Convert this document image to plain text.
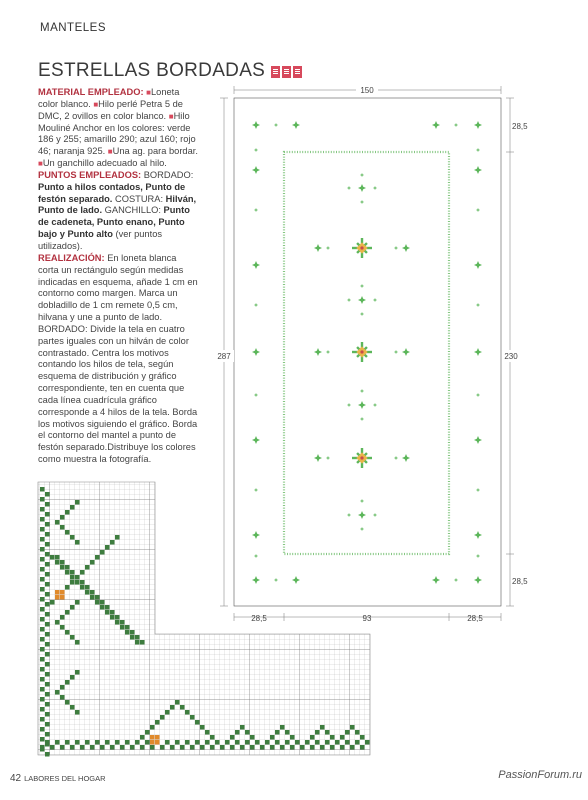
MANTELES
ESTRELLAS BORDADAS
MATERIAL EMPLEADO: ■Loneta color blanco. ■Hilo perlé Petra 5 de DMC, 2 ovillos en color blanco. ■Hilo Mouliné Anchor en los colores: verde 186 y 255; amarillo 290; azul 160; rojo 46; naranja 925. ■Una ag. para bordar. ■Un ganchillo adecuado al hilo.
PUNTOS EMPLEADOS: BORDADO: Punto a hilos contados, Punto de festón separado. COSTURA: Hilván, Punto de lado. GANCHILLO: Punto de cadeneta, Punto enano, Punto bajo y Punto alto (ver puntos utilizados).
REALIZACIÓN: En loneta blanca corta un rectángulo según medidas indicadas en esquema, añade 1 cm en contorno como margen. Marca un dobladillo de 1 cm remete 0,5 cm, hilvana y une a punto de lado. BORDADO: Divide la tela en cuatro partes iguales con un hilván de color contrastado. Centra los motivos contando los hilos de tela, según esquema de distribución y gráfico correspondiente, ten en cuenta que cada línea cuadrícula gráfico corresponde a 4 hilos de la tela. Borda los motivos siguiendo el gráfico. Borda el contorno del mantel a punto de festón separado.Distribuye los colores como muestra la fotografía.
150
28,5
230
28,5
287
28,5	93	28,5
42 LABORES DEL HOGAR	PassionForum.ru
